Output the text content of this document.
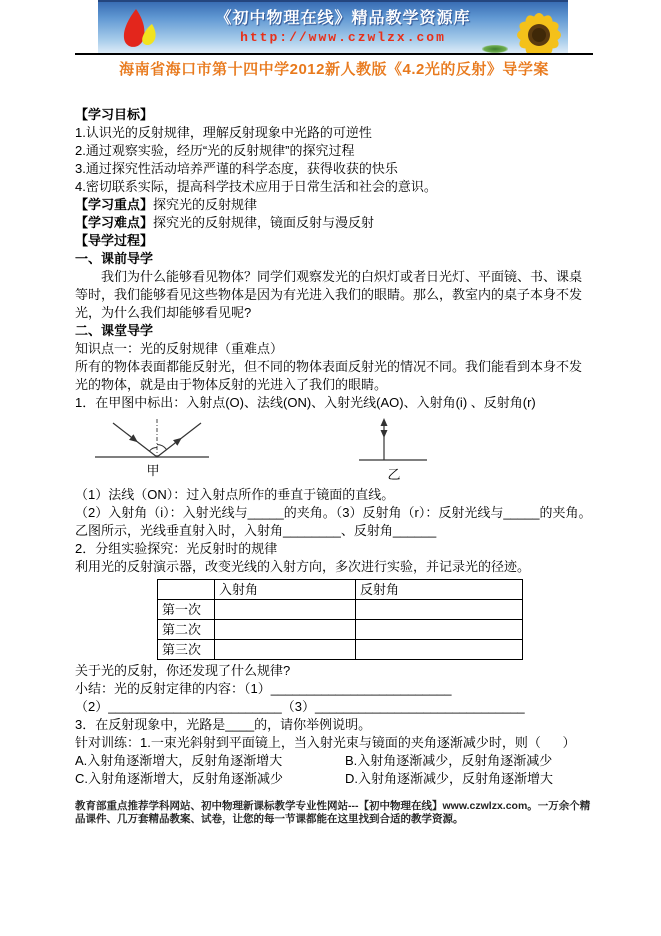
《初中物理在线》精品教学资源库
http://www.czwlzx.com
海南省海口市第十四中学2012新人教版《4.2光的反射》导学案
【学习目标】
1.认识光的反射规律，理解反射现象中光路的可逆性
2.通过观察实验，经历“光的反射规律”的探究过程
3.通过探究性活动培养严谨的科学态度，获得收获的快乐
4.密切联系实际，提高科学技术应用于日常生活和社会的意识。
【学习重点】探究光的反射规律
【学习难点】探究光的反射规律，镜面反射与漫反射
【导学过程】
一、课前导学
我们为什么能够看见物体？同学们观察发光的白炽灯或者日光灯、平面镜、书、课桌等时，我们能够看见这些物体是因为有光进入我们的眼睛。那么，教室内的桌子本身不发光，为什么我们却能够看见呢?
二、课堂导学
知识点一：光的反射规律（重难点）
所有的物体表面都能反射光，但不同的物体表面反射光的情况不同。我们能看到本身不发光的物体，就是由于物体反射的光进入了我们的眼睛。
1．在甲图中标出：入射点(O)、法线(ON)、入射光线(AO)、入射角(i) 、反射角(r)
甲	乙
（1）法线（ON）：过入射点所作的垂直于镜面的直线。
（2）入射角（i）：入射光线与_____的夹角。（3）反射角（r）：反射光线与_____的夹角。
乙图所示，光线垂直射入时，入射角________、反射角______
2．分组实验探究：光反射时的规律
利用光的反射演示器，改变光线的入射方向，多次进行实验，并记录光的径迹。
	入射角	反射角
第一次		
第二次		
第三次		
关于光的反射，你还发现了什么规律?
小结：光的反射定律的内容：（1）_________________________
（2）________________________（3）_____________________________
3．在反射现象中，光路是____的，请你举例说明。
针对训练：1.一束光斜射到平面镜上，当入射光束与镜面的夹角逐渐减少时，则（      ）
A.入射角逐渐增大，反射角逐渐增大	B.入射角逐渐减少，反射角逐渐减少
C.入射角逐渐增大，反射角逐渐减少	D.入射角逐渐减少，反射角逐渐增大
教育部重点推荐学科网站、初中物理新课标教学专业性网站---【初中物理在线】www.czwlzx.com。一万余个精品课件、几万套精品教案、试卷，让您的每一节课都能在这里找到合适的教学资源。
